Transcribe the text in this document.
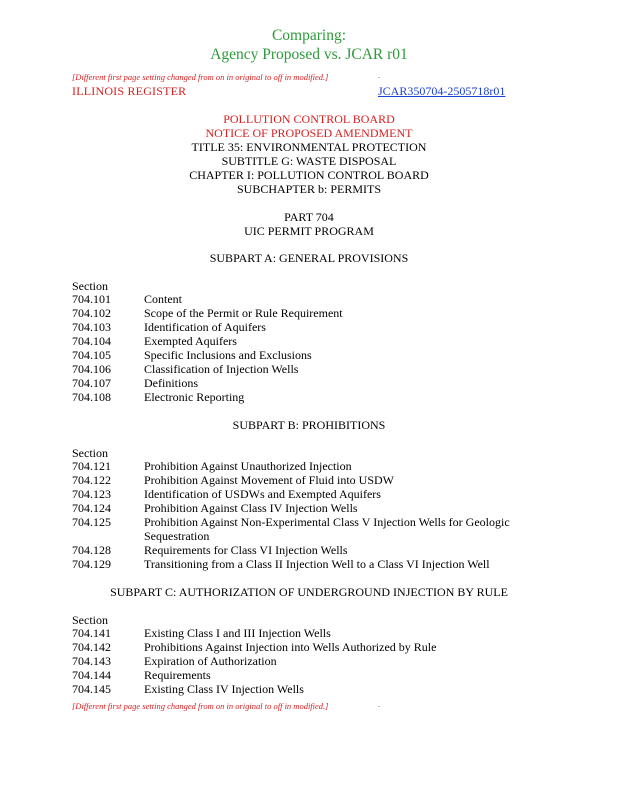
Comparing:
Agency Proposed vs. JCAR r01
[Different first page setting changed from on in original to off in modified.]	.
ILLINOIS REGISTER	JCAR350704-2505718r01
POLLUTION CONTROL BOARD
NOTICE OF PROPOSED AMENDMENT
TITLE 35: ENVIRONMENTAL PROTECTION
SUBTITLE G: WASTE DISPOSAL
CHAPTER I: POLLUTION CONTROL BOARD
SUBCHAPTER b: PERMITS
PART 704
UIC PERMIT PROGRAM
SUBPART A: GENERAL PROVISIONS
Section
704.101	Content
704.102	Scope of the Permit or Rule Requirement
704.103	Identification of Aquifers
704.104	Exempted Aquifers
704.105	Specific Inclusions and Exclusions
704.106	Classification of Injection Wells
704.107	Definitions
704.108	Electronic Reporting
SUBPART B: PROHIBITIONS
Section
704.121	Prohibition Against Unauthorized Injection
704.122	Prohibition Against Movement of Fluid into USDW
704.123	Identification of USDWs and Exempted Aquifers
704.124	Prohibition Against Class IV Injection Wells
704.125	Prohibition Against Non-Experimental Class V Injection Wells for Geologic Sequestration
704.128	Requirements for Class VI Injection Wells
704.129	Transitioning from a Class II Injection Well to a Class VI Injection Well
SUBPART C: AUTHORIZATION OF UNDERGROUND INJECTION BY RULE
Section
704.141	Existing Class I and III Injection Wells
704.142	Prohibitions Against Injection into Wells Authorized by Rule
704.143	Expiration of Authorization
704.144	Requirements
704.145	Existing Class IV Injection Wells
[Different first page setting changed from on in original to off in modified.]	.
